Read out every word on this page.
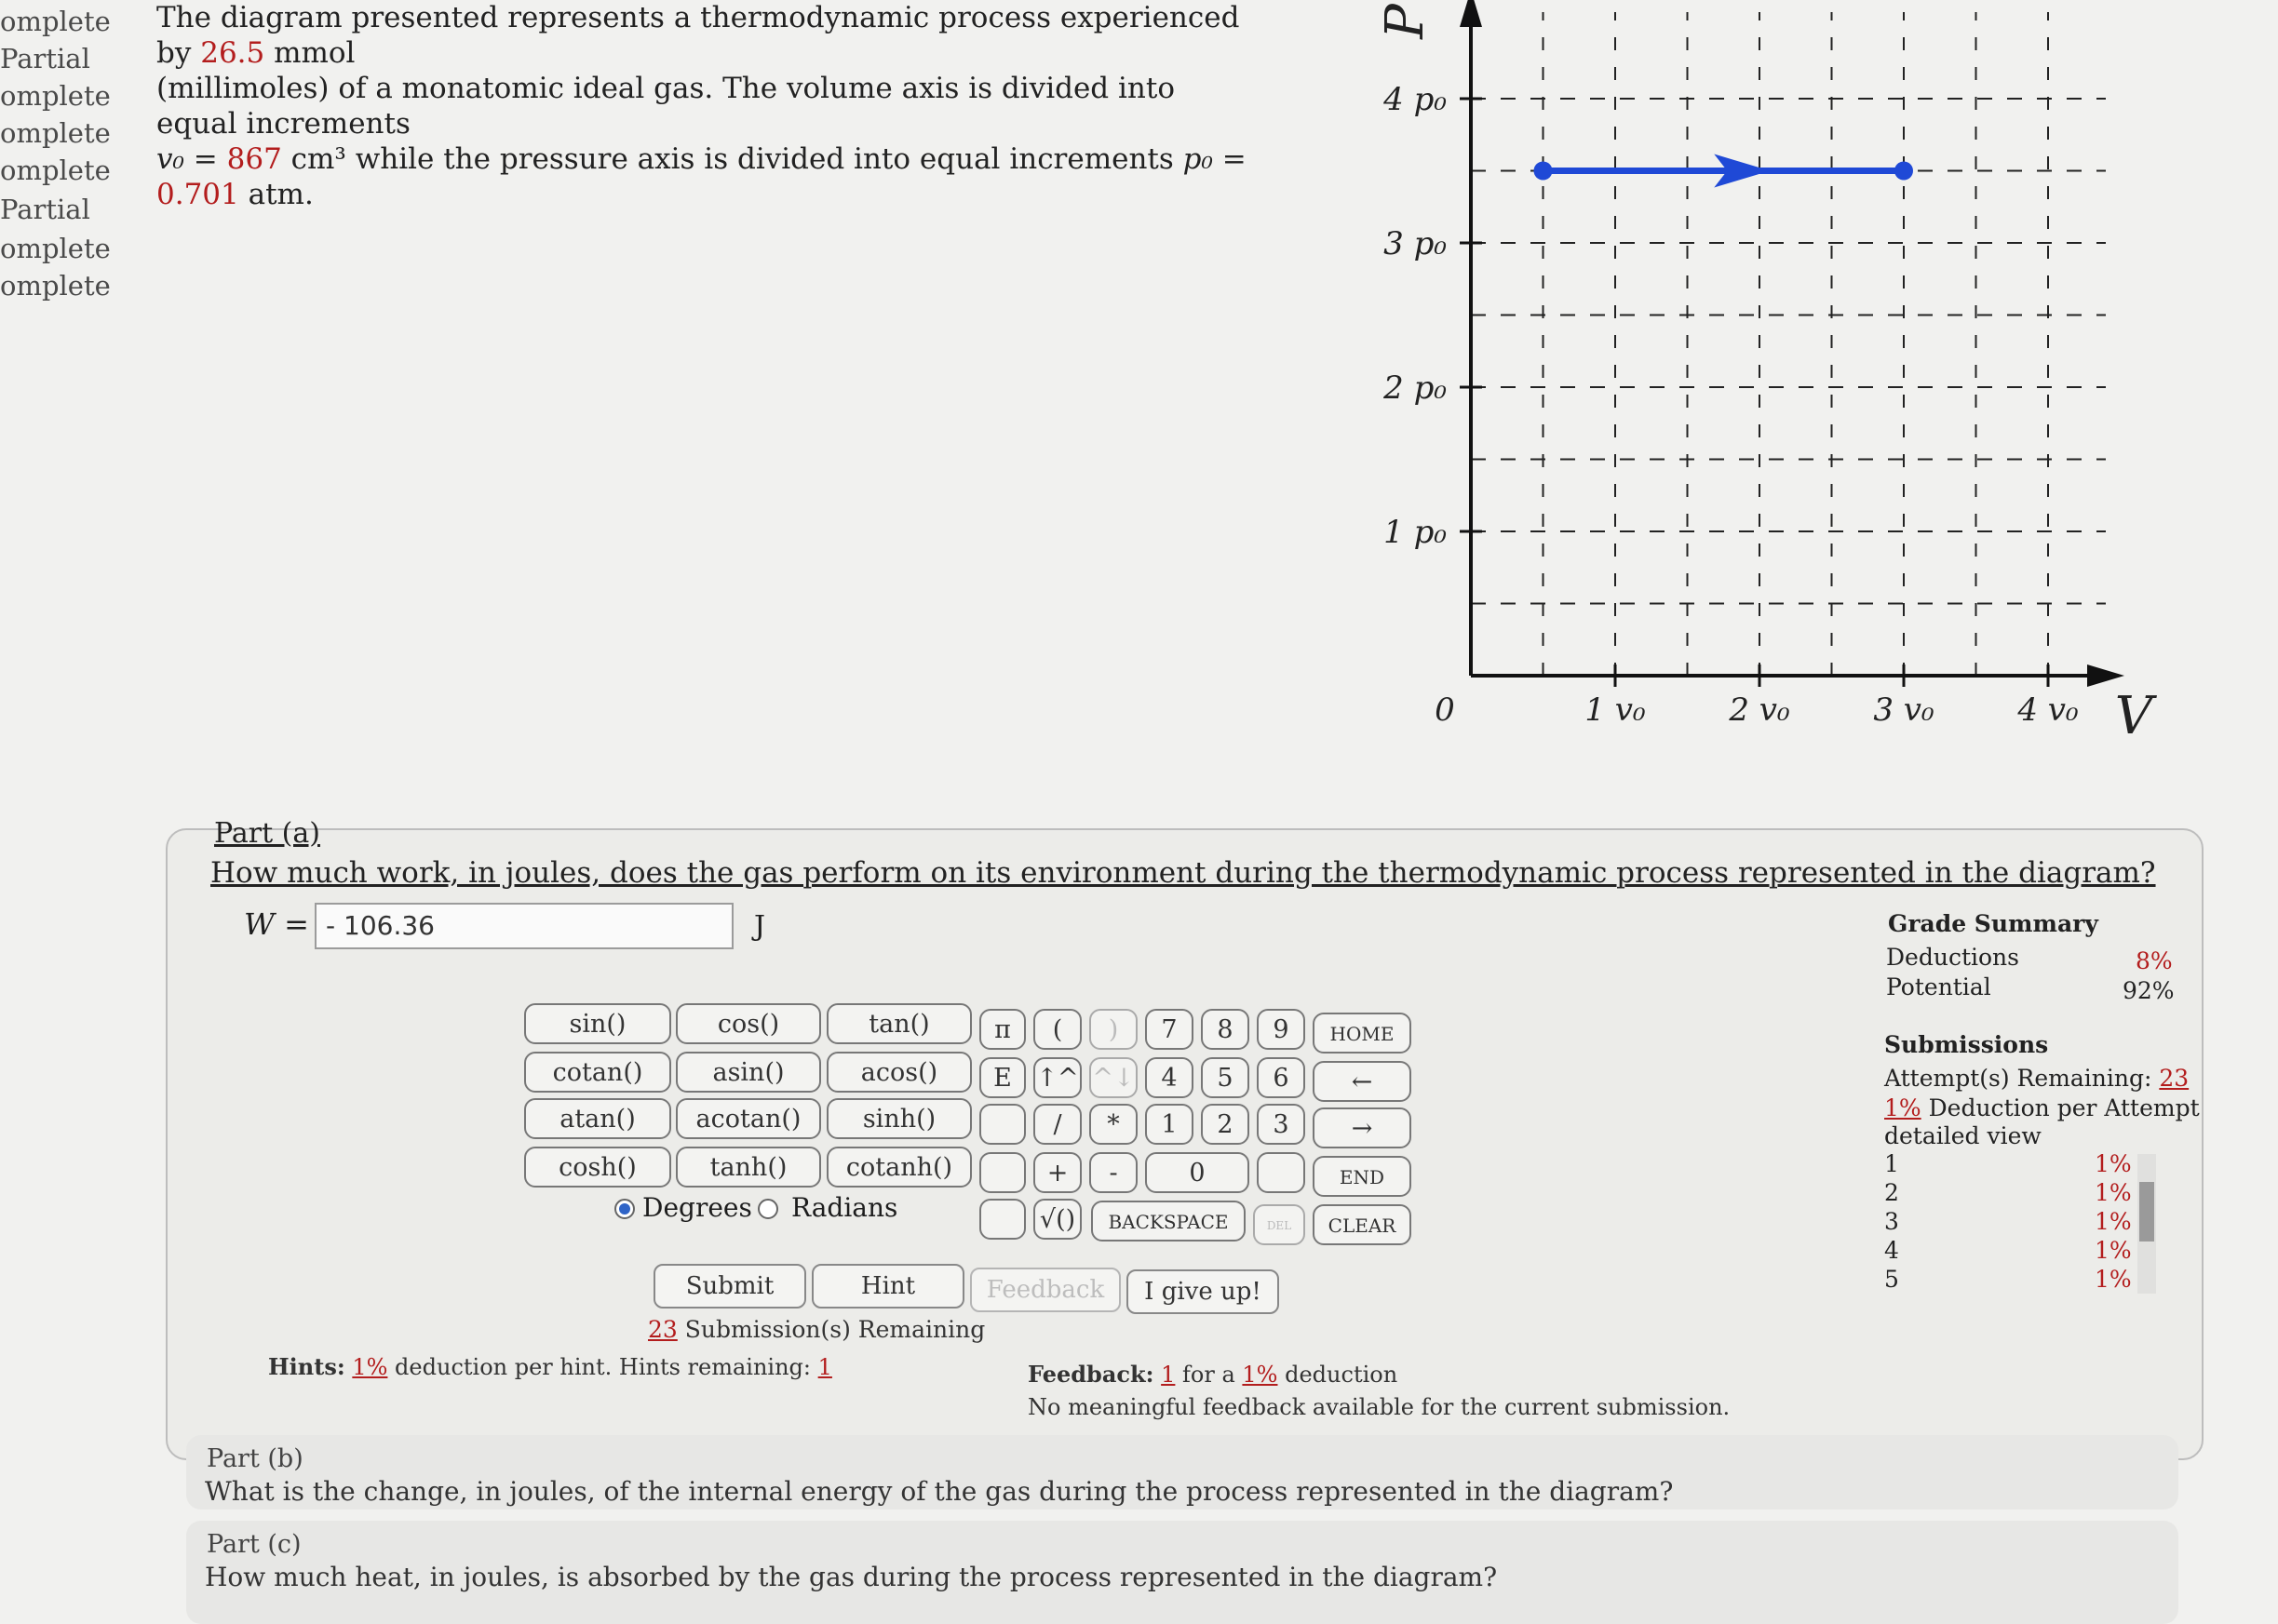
omplete
Partial
omplete
omplete
omplete
Partial
omplete
omplete
The diagram presented represents a thermodynamic process experienced by 26.5 mmol
(millimoles) of a monatomic ideal gas. The volume axis is divided into equal increments
v₀ = 867 cm³ while the pressure axis is divided into equal increments p₀ = 0.701 atm.
0	1 v₀	2 v₀	3 v₀	4 v₀
1 p₀
2 p₀
3 p₀
4 p₀
V
P
Part (a)
How much work, in joules, does the gas perform on its environment during the thermodynamic process represented in the diagram?
W = - 106.36	J
sin()	cos()	tan()
cotan()	asin()	acos()
atan()	acotan()	sinh()
cosh()	tanh()	cotanh()
π	(	)
E ↑^ ^↓
/	*
+	-
√()
7	8	9
4	5	6
1	2	3
0
HOME
←
→
END
BACKSPACE	DEL	CLEAR
Degrees Radians
Submit	Hint	Feedback	I give up!
23 Submission(s) Remaining
Hints: 1% deduction per hint. Hints remaining: 1	Feedback: 1 for a 1% deduction
No meaningful feedback available for the current submission.
Grade Summary
Deductions	8%
Potential	92%
Submissions
Attempt(s) Remaining: 23
1% Deduction per Attempt
detailed view
1	1%
2	1%
3	1%
4	1%
5	1%
Part (b)
What is the change, in joules, of the internal energy of the gas during the process represented in the diagram?
Part (c)
How much heat, in joules, is absorbed by the gas during the process represented in the diagram?
